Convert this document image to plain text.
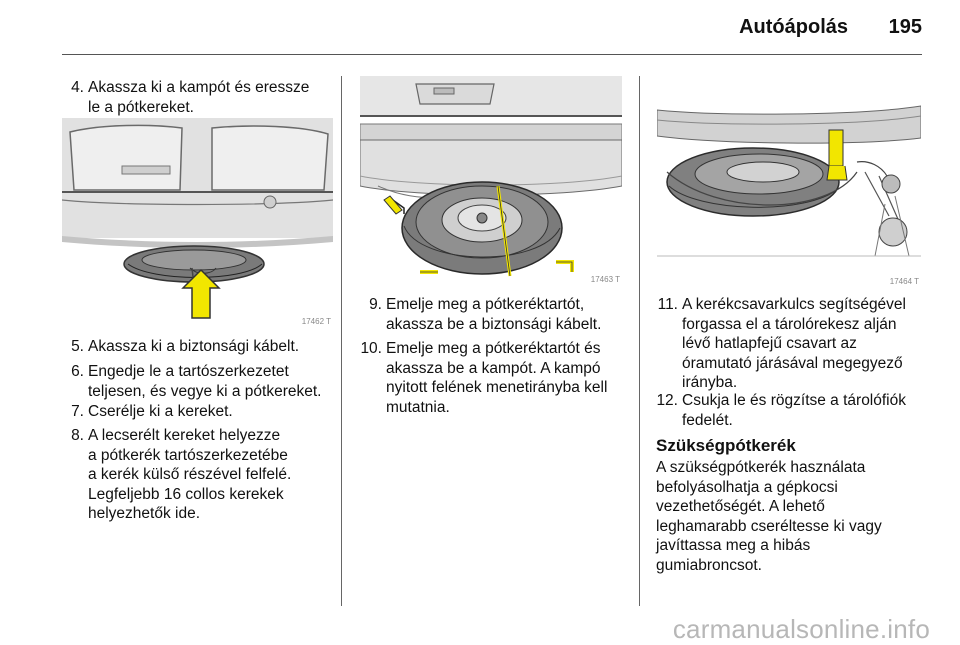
Autóápolás	195
4. Akassza ki a kampót és eressze
le a pótkereket.
17462 T
5. Akassza ki a biztonsági kábelt.
6. Engedje le a tartószerkezetet
teljesen, és vegye ki a pótkereket.
7. Cserélje ki a kereket.
8. A lecserélt kereket helyezze
a pótkerék tartószerkezetébe
a kerék külső részével felfelé.
Legfeljebb 16 collos kerekek
helyezhetők ide.
17463 T
9. Emelje meg a pótkeréktartót,
akassza be a biztonsági kábelt.
10. Emelje meg a pótkeréktartót és
akassza be a kampót. A kampó
nyitott felének menetirányba kell
mutatnia.
17464 T
11. A kerékcsavarkulcs segítségével
forgassa el a tárolórekesz alján
lévő hatlapfejű csavart az
óramutató járásával megegyező
irányba.
12. Csukja le és rögzítse a tárolófiók
fedelét.
Szükségpótkerék
A szükségpótkerék használata
befolyásolhatja a gépkocsi
vezethetőségét. A lehető
leghamarabb cseréltesse ki vagy
javíttassa meg a hibás
gumiabroncsot.
carmanualsonline.info
